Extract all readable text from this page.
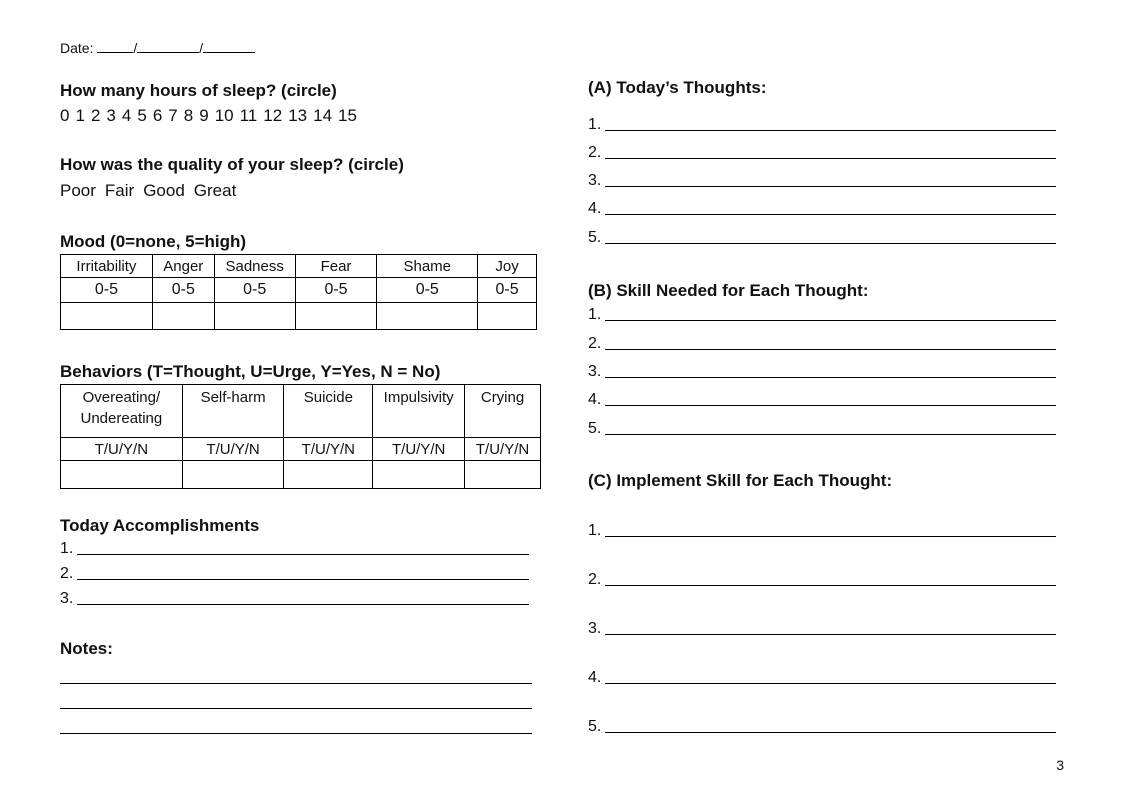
Date:	/	/
How many hours of sleep? (circle)
0 1 2 3 4 5 6 7 8 9 10 11 12 13 14 15
How was the quality of your sleep? (circle)
Poor Fair Good Great
Mood (0=none, 5=high)
Irritability	Anger	Sadness	Fear	Shame	Joy
0-5	0-5	0-5	0-5	0-5	0-5

Behaviors (T=Thought, U=Urge, Y=Yes, N = No)
Overeating/
Undereating	Self-harm	Suicide	Impulsivity	Crying
T/U/Y/N	T/U/Y/N	T/U/Y/N	T/U/Y/N	T/U/Y/N

Today Accomplishments
1.
2.
3.
Notes:
(A) Today’s Thoughts:
1.
2.
3.
4.
5.
(B) Skill Needed for Each Thought:
1.
2.
3.
4.
5.
(C) Implement Skill for Each Thought:
1.
2.
3.
4.
5.
3
